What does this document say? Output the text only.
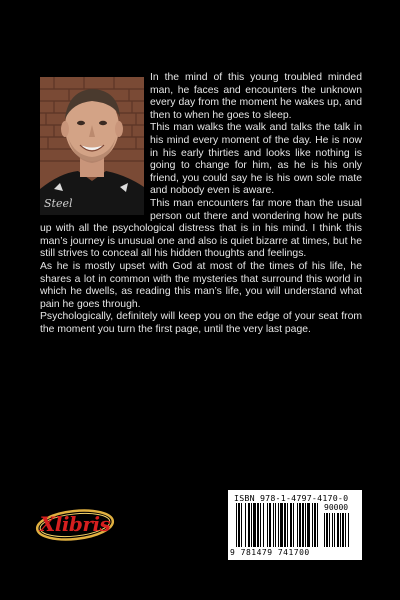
Steel

In the mind of this young troubled minded man, he faces and encounters the unknown every day from the moment he wakes up, and then to when he goes to sleep.

This man walks the walk and talks the talk in his mind every moment of the day. He is now in his early thirties and looks like nothing is going to change for him, as he is his only friend, you could say he is his own sole mate and nobody even is aware.

This man encounters far more than the usual person out there and wondering how he puts up with all the psychological distress that is in his mind. I think this man’s journey is unusual one and also is quiet bizarre at times, but he still strives to conceal all his hidden thoughts and feelings.

As he is mostly upset with God at most of the times of his life, he shares a lot in common with the mysteries that surround this world in which he dwells, as reading this man’s life, you will understand what pain he goes through.

Psychologically, definitely will keep you on the edge of your seat from the moment you turn the first page, until the very last page.

ISBN 978-1-4797-4170-0
90000
9 781479 741700
Xlibris
